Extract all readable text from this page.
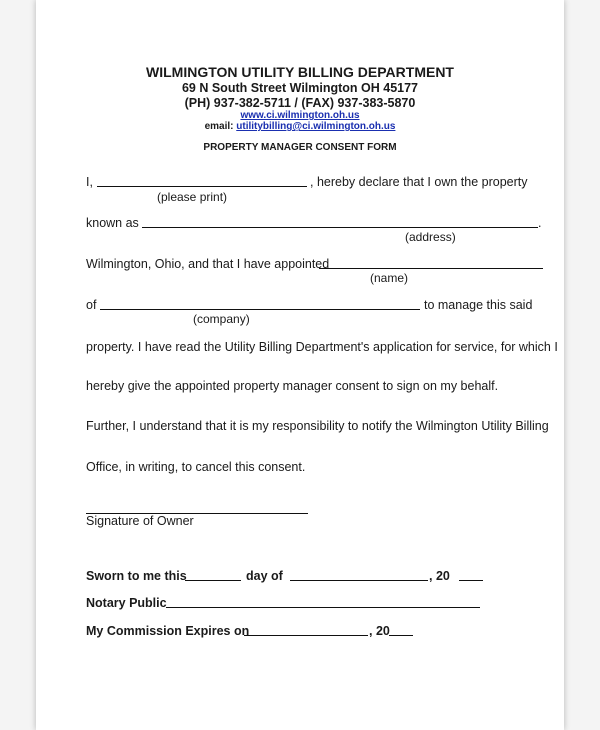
WILMINGTON UTILITY BILLING DEPARTMENT
69 N South Street Wilmington OH 45177
(PH) 937-382-5711 / (FAX) 937-383-5870
www.ci.wilmington.oh.us
email: utilitybilling@ci.wilmington.oh.us
PROPERTY MANAGER CONSENT FORM
I,	, hereby declare that I own the property
(please print)
known as	.
(address)
Wilmington, Ohio, and that I have appointed
(name)
of	to manage this said
(company)
property. I have read the Utility Billing Department's application for service, for which I
hereby give the appointed property manager consent to sign on my behalf.
Further, I understand that it is my responsibility to notify the Wilmington Utility Billing
Office, in writing, to cancel this consent.
Signature of Owner
Sworn to me this	day of	, 20
Notary Public
My Commission Expires on	, 20
